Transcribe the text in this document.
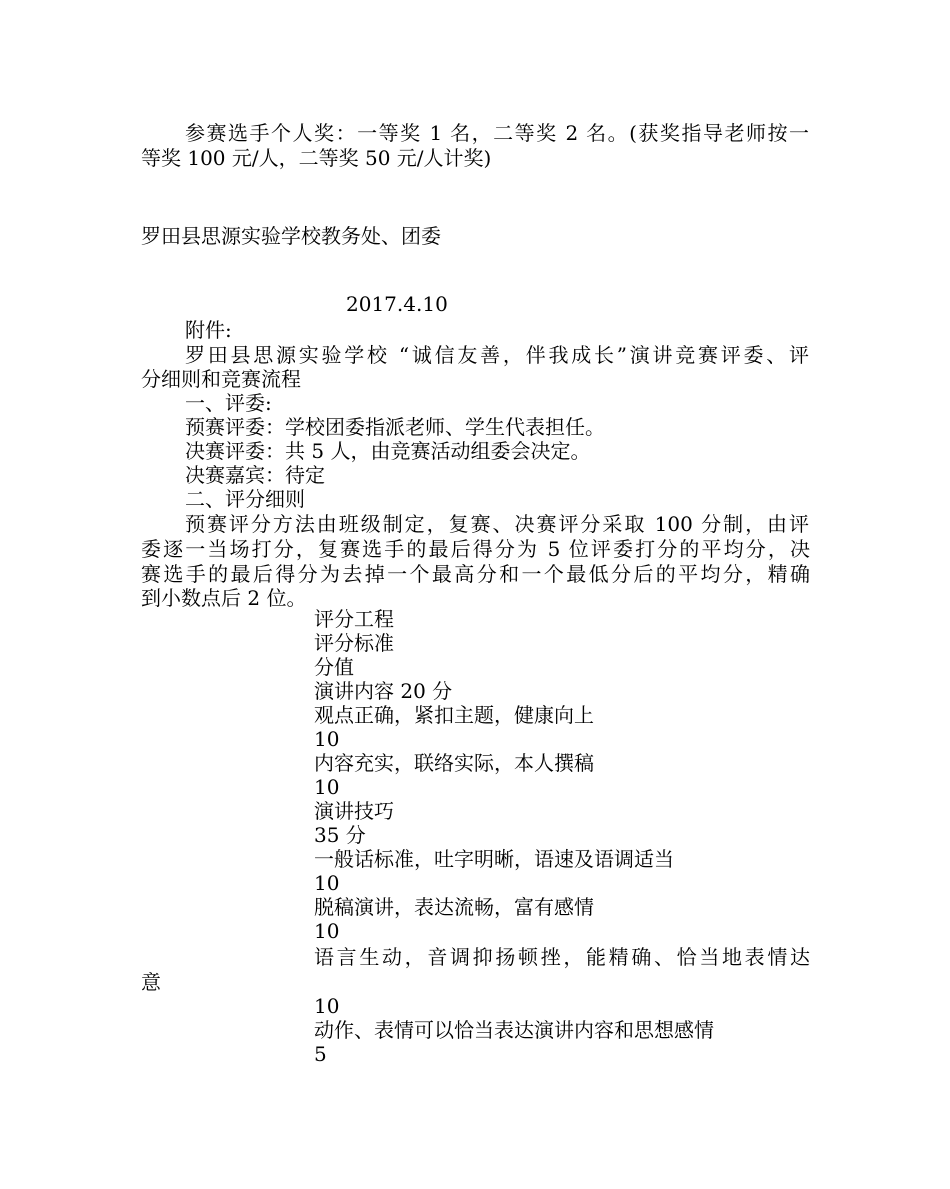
参赛选手个人奖：一等奖 1 名，二等奖 2 名。(获奖指导老师按一
等奖 100 元/人，二等奖 50 元/人计奖)
罗田县思源实验学校教务处、团委
2017.4.10
附件:
罗田县思源实验学校 “诚信友善，伴我成长”演讲竞赛评委、评
分细则和竞赛流程
一、评委:
预赛评委：学校团委指派老师、学生代表担任。
决赛评委：共 5 人，由竞赛活动组委会决定。
决赛嘉宾：待定
二、评分细则
预赛评分方法由班级制定，复赛、决赛评分采取 100 分制，由评
委逐一当场打分，复赛选手的最后得分为 5 位评委打分的平均分，决
赛选手的最后得分为去掉一个最高分和一个最低分后的平均分，精确
到小数点后 2 位。
评分工程
评分标准
分值
演讲内容 20 分
观点正确，紧扣主题，健康向上
10
内容充实，联络实际，本人撰稿
10
演讲技巧
35 分
一般话标准，吐字明晰，语速及语调适当
10
脱稿演讲，表达流畅，富有感情
10
语言生动，音调抑扬顿挫，能精确、恰当地表情达
意
10
动作、表情可以恰当表达演讲内容和思想感情
5
